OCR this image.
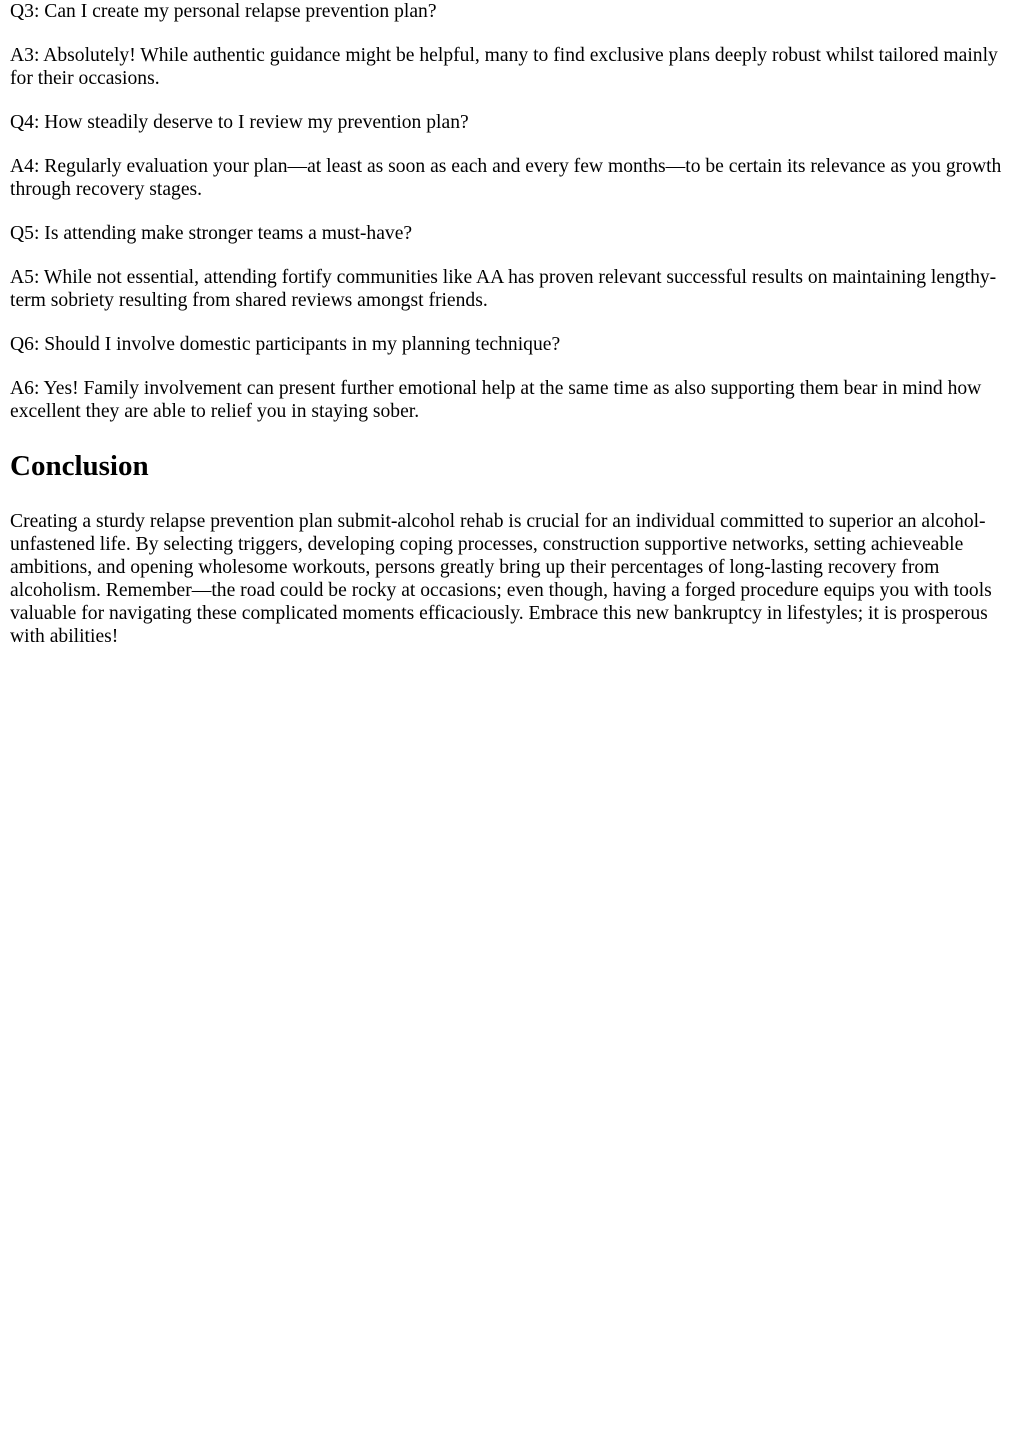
Q3: Can I create my personal relapse prevention plan?

A3: Absolutely! While authentic guidance might be helpful, many to find exclusive plans deeply robust whilst tailored mainly for their occasions.

Q4: How steadily deserve to I review my prevention plan?

A4: Regularly evaluation your plan—at least as soon as each and every few months—to be certain its relevance as you growth through recovery stages.

Q5: Is attending make stronger teams a must-have?

A5: While not essential, attending fortify communities like AA has proven relevant successful results on maintaining lengthy-term sobriety resulting from shared reviews amongst friends.

Q6: Should I involve domestic participants in my planning technique?

A6: Yes! Family involvement can present further emotional help at the same time as also supporting them bear in mind how excellent they are able to relief you in staying sober.

Conclusion

Creating a sturdy relapse prevention plan submit-alcohol rehab is crucial for an individual committed to superior an alcohol-unfastened life. By selecting triggers, developing coping processes, construction supportive networks, setting achieveable ambitions, and opening wholesome workouts, persons greatly bring up their percentages of long-lasting recovery from alcoholism. Remember—the road could be rocky at occasions; even though, having a forged procedure equips you with tools valuable for navigating these complicated moments efficaciously. Embrace this new bankruptcy in lifestyles; it is prosperous with abilities!
